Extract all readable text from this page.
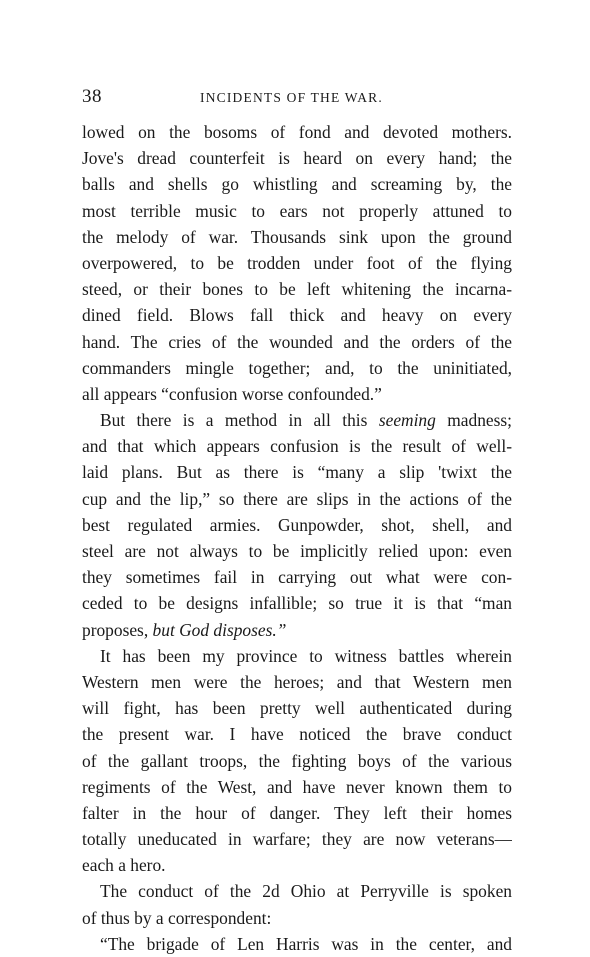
38	INCIDENTS OF THE WAR.
lowed on the bosoms of fond and devoted mothers.
Jove's dread counterfeit is heard on every hand; the
balls and shells go whistling and screaming by, the
most terrible music to ears not properly attuned to
the melody of war. Thousands sink upon the ground
overpowered, to be trodden under foot of the flying
steed, or their bones to be left whitening the incarna-
dined field. Blows fall thick and heavy on every
hand. The cries of the wounded and the orders of the
commanders mingle together; and, to the uninitiated,
all appears “confusion worse confounded.”
But there is a method in all this seeming madness;
and that which appears confusion is the result of well-
laid plans. But as there is “many a slip 'twixt the
cup and the lip,” so there are slips in the actions of the
best regulated armies. Gunpowder, shot, shell, and
steel are not always to be implicitly relied upon: even
they sometimes fail in carrying out what were con-
ceded to be designs infallible; so true it is that “man
proposes, but God disposes.”
It has been my province to witness battles wherein
Western men were the heroes; and that Western men
will fight, has been pretty well authenticated during
the present war. I have noticed the brave conduct
of the gallant troops, the fighting boys of the various
regiments of the West, and have never known them to
falter in the hour of danger. They left their homes
totally uneducated in warfare; they are now veterans—
each a hero.
The conduct of the 2d Ohio at Perryville is spoken
of thus by a correspondent:
“The brigade of Len Harris was in the center, and
